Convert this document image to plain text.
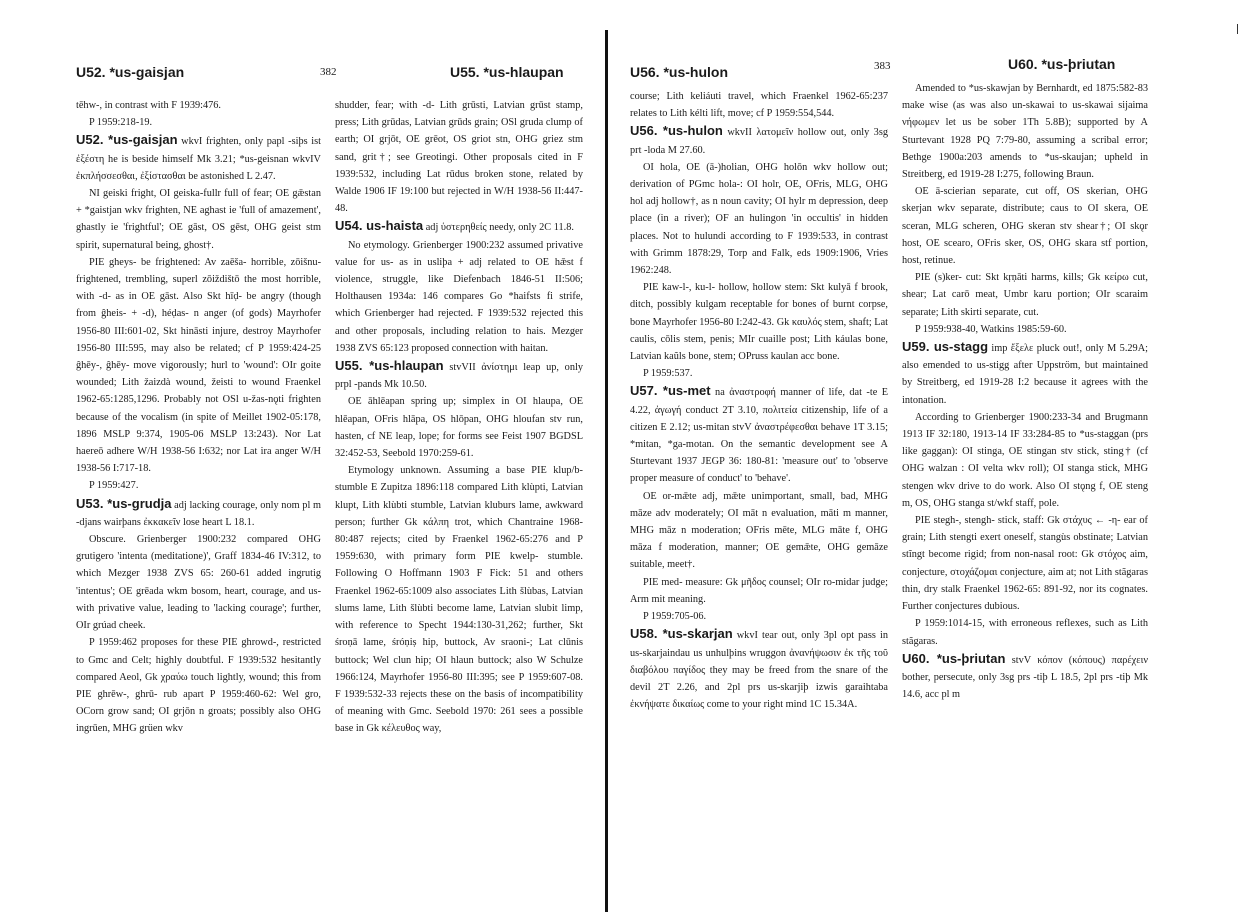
U52. *us-gaisjan	382	U55. *us-hlaupan

tēhw-, in contrast with F 1939:476.

P 1959:218-19.

U52. *us-gaisjan wkvI frighten, only papl -siþs ist ἐξέστη he is beside himself Mk 3.21; *us-geisnan wkvIV ἐκπλήσσεσθαι, ἐξίστασθαι be astonished L 2.47.

NI geiski fright, OI geiska-fullr full of fear; OE gǣstan + *gaistjan wkv frighten, NE aghast ie 'full of amazement', ghastly ie 'frightful'; OE gāst, OS gēst, OHG geist stm spirit, supernatural being, ghost†.

PIE gheys- be frightened: Av zaēša- horrible, zōišnu- frightened, trembling, superl zōiždištō the most horrible, with -d- as in OE gāst. Also Skt hīḍ- be angry (though from ĝheis- + -d), héḍas- n anger (of gods) Mayrhofer 1956-80 III:601-02, Skt hināsti injure, destroy Mayrhofer 1956-80 III:595, may also be related; cf P 1959:424-25 ĝhēy-, ĝhēy- move vigorously; hurl to 'wound': OIr goite wounded; Lith žaizdà wound, žeisti to wound Fraenkel 1962-65:1285,1296. Probably not OSl u-žas-nǫti frighten because of the vocalism (in spite of Meillet 1902-05:178, 1896 MSLP 9:374, 1905-06 MSLP 13:243). Nor Lat haereō adhere W/H 1938-56 I:632; nor Lat ira anger W/H 1938-56 I:717-18.

P 1959:427.

U53. *us-grudja adj lacking courage, only nom pl m -djans wairþans ἐκκακεῖν lose heart L 18.1.

Obscure. Grienberger 1900:232 compared OHG grutigero 'intenta (meditatione)', Graff 1834-46 IV:312, to which Mezger 1938 ZVS 65: 260-61 added ingrutig 'intentus'; OE grēada wkm bosom, heart, courage, and us- with privative value, leading to 'lacking courage'; further, OIr grúad cheek.

P 1959:462 proposes for these PIE ghrowd-, restricted to Gmc and Celt; highly doubtful. F 1939:532 hesitantly compared Aeol, Gk χραύω touch lightly, wound; this from PIE ghrēw-, ghrū- rub apart P 1959:460-62: Wel gro, OCorn grow sand; OI grjōn n groats; possibly also OHG ingrūen, MHG grüen wkv

shudder, fear; with -d- Lith grūsti, Latvian grūst stamp, press; Lith grūdas, Latvian grūds grain; OSl gruda clump of earth; OI grjōt, OE grēot, OS griot stn, OHG griez stm sand, grit†; see Greotingi. Other proposals cited in F 1939:532, including Lat rūdus broken stone, related by Walde 1906 IF 19:100 but rejected in W/H 1938-56 II:447-48.

U54. us-haista adj ὑστερηθείς needy, only 2C 11.8.

No etymology. Grienberger 1900:232 assumed privative value for us- as in usliþa + adj related to OE hǣst f violence, struggle, like Diefenbach 1846-51 II:506; Holthausen 1934a: 146 compares Go *haifsts fi strife, which Grienberger had rejected. F 1939:532 rejected this and other proposals, including relation to hais. Mezger 1938 ZVS 65:123 proposed connection with haitan.

U55. *us-hlaupan stvVII ἀνίστημι leap up, only prpl -pands Mk 10.50.

OE āhlēapan spring up; simplex in OI hlaupa, OE hlēapan, OFris hlāpa, OS hlōpan, OHG hloufan stv run, hasten, cf NE leap, lope; for forms see Feist 1907 BGDSL 32:452-53, Seebold 1970:259-61.

Etymology unknown. Assuming a base PIE klup/b- stumble E Zupitza 1896:118 compared Lith klùpti, Latvian klupt, Lith klùbti stumble, Latvian kluburs lame, awkward person; further Gk κάλπη trot, which Chantraine 1968-80:487 rejects; cited by Fraenkel 1962-65:276 and P 1959:630, with primary form PIE kwelp- stumble. Following O Hoffmann 1903 F Fick: 51 and others Fraenkel 1962-65:1009 also associates Lith šlùbas, Latvian slums lame, Lith šlùbti become lame, Latvian slubit limp, with reference to Specht 1944:130-31,262; further, Skt śroṇā lame, śróṇiṣ hip, buttock, Av sraoni-; Lat clūnis buttock; Wel clun hip; OI hlaun buttock; also W Schulze 1966:124, Mayrhofer 1956-80 III:395; see P 1959:607-08. F 1939:532-33 rejects these on the basis of incompatibility of meaning with Gmc. Seebold 1970: 261 sees a possible base in Gk κέλευθος way,

U56. *us-hulon	383	U60. *us-þriutan

course; Lith keliáuti travel, which Fraenkel 1962-65:237 relates to Lith kélti lift, move; cf P 1959:554,544.

U56. *us-hulon wkvII λατομεῖν hollow out, only 3sg prt -loda M 27.60.

OI hola, OE (ā-)holian, OHG holōn wkv hollow out; derivation of PGmc hola-: OI holr, OE, OFris, MLG, OHG hol adj hollow†, as n noun cavity; OI hylr m depression, deep place (in a river); OF an hulingon 'in occultis' in hidden places. Not to hulundi according to F 1939:533, in contrast with Grimm 1878:29, Torp and Falk, eds 1909:1906, Vries 1962:248.

PIE kaw-l-, ku-l- hollow, hollow stem: Skt kulyā f brook, ditch, possibly kulgam receptable for bones of burnt corpse, bone Mayrhofer 1956-80 I:242-43. Gk καυλός stem, shaft; Lat caulis, cōlis stem, penis; MIr cuaille post; Lith káulas bone, Latvian kaũls bone, stem; OPruss kaulan acc bone.

P 1959:537.

U57. *us-met na ἀναστροφή manner of life, dat -te E 4.22, ἀγωγή conduct 2T 3.10, πολιτεία citizenship, life of a citizen E 2.12; us-mitan stvV ἀναστρέφεσθαι behave 1T 3.15; *mitan, *ga-motan. On the semantic development see A Sturtevant 1937 JEGP 36: 180-81: 'measure out' to 'observe proper measure of conduct' to 'behave'.

OE or-mǣte adj, mǣte unimportant, small, bad, MHG māze adv moderately; OI māt n evaluation, māti m manner, MHG māz n moderation; OFris mēte, MLG māte f, OHG māza f moderation, manner; OE gemǣte, OHG gemāze suitable, meet†.

PIE med- measure: Gk μῆδος counsel; OIr ro-midar judge; Arm mit meaning.

P 1959:705-06.

U58. *us-skarjan wkvI tear out, only 3pl opt pass in us-skarjaindau us unhulþins wruggon ἀνανήψωσιν ἐκ τῆς τοῦ διαβόλου παγίδος they may be freed from the snare of the devil 2T 2.26, and 2pl prs us-skarjiþ izwis garaihtaba ἐκνήψατε δικαίως come to your right mind 1C 15.34A.

Amended to *us-skawjan by Bernhardt, ed 1875:582-83 make wise (as was also un-skawai to us-skawai sijaima νήφωμεν let us be sober 1Th 5.8B); supported by A Sturtevant 1928 PQ 7:79-80, assuming a scribal error; Bethge 1900a:203 amends to *us-skaujan; upheld in Streitberg, ed 1919-28 I:275, following Braun.

OE ā-scierian separate, cut off, OS skerian, OHG skerjan wkv separate, distribute; caus to OI skera, OE sceran, MLG scheren, OHG skeran stv shear†; OI skǫr host, OE scearo, OFris sker, OS, OHG skara stf portion, host, retinue.

PIE (s)ker- cut: Skt kṛṇāti harms, kills; Gk κείρω cut, shear; Lat carō meat, Umbr karu portion; OIr scaraim separate; Lith skirti separate, cut.

P 1959:938-40, Watkins 1985:59-60.

U59. us-stagg imp ἔξελε pluck out!, only M 5.29A; also emended to us-stigg after Uppström, but maintained by Streitberg, ed 1919-28 I:2 because it agrees with the intonation.

According to Grienberger 1900:233-34 and Brugmann 1913 IF 32:180, 1913-14 IF 33:284-85 to *us-staggan (prs like gaggan): OI stinga, OE stingan stv stick, sting† (cf OHG walzan : OI velta wkv roll); OI stanga stick, MHG stengen wkv drive to do work. Also OI stǫng f, OE steng m, OS, OHG stanga st/wkf staff, pole.

PIE stegh-, stengh- stick, staff: Gk στάχυς ← -η- ear of grain; Lith stengti exert oneself, stangùs obstinate; Latvian stĩngt become rigid; from non-nasal root: Gk στόχος aim, conjecture, στοχάζομαι conjecture, aim at; not Lith stãgaras thin, dry stalk Fraenkel 1962-65: 891-92, nor its cognates. Further conjectures dubious.

P 1959:1014-15, with erroneous reflexes, such as Lith stãgaras.

U60. *us-þriutan stvV κόπον (κόπους) παρέχειν bother, persecute, only 3sg prs -tiþ L 18.5, 2pl prs -tiþ Mk 14.6, acc pl m
